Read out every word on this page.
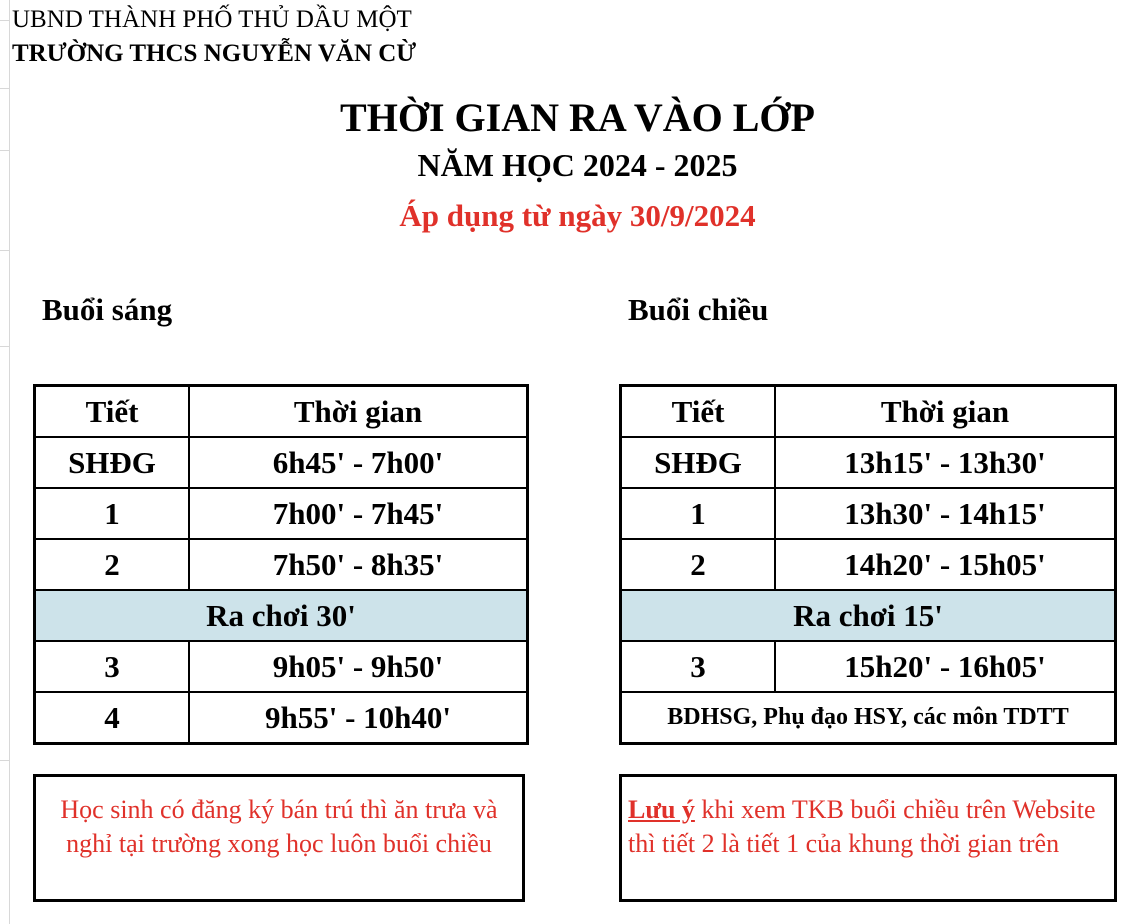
UBND THÀNH PHỐ THỦ DẦU MỘT
TRƯỜNG THCS NGUYỄN VĂN CỪ
THỜI GIAN RA VÀO LỚP
NĂM HỌC 2024 - 2025
Áp dụng từ ngày 30/9/2024
Buổi sáng	Buổi chiều
Tiết	Thời gian
SHĐG	6h45' - 7h00'
1	7h00' - 7h45'
2	7h50' - 8h35'
Ra chơi 30'	
3	9h05' - 9h50'
4	9h55' - 10h40'
Tiết	Thời gian
SHĐG	13h15' - 13h30'
1	13h30' - 14h15'
2	14h20' - 15h05'
Ra chơi 15'	
3	15h20' - 16h05'
BDHSG, Phụ đạo HSY, các môn TDTT	
Học sinh có đăng ký bán trú thì ăn trưa và nghỉ tại trường xong học luôn buổi chiều
Lưu ý khi xem TKB buổi chiều trên Website thì tiết 2 là tiết 1 của khung thời gian trên
